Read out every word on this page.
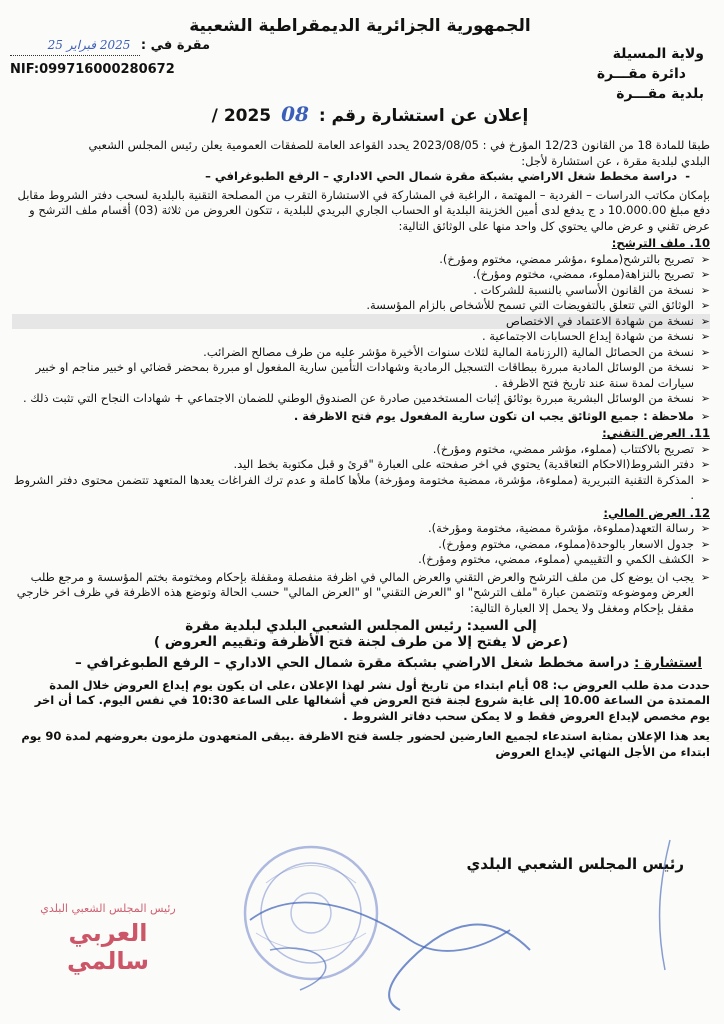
الجمهورية الجزائرية الديمقراطية الشعبية
مقرة في : 2025 فبراير 25
NIF:099716000280672
ولاية المسيلة
دائرة مقـــرة
بلدية مقـــرة
إعلان عن استشارة رقم : 08 2025 /

طبقا للمادة 18 من القانون 12/23 المؤرخ في : 2023/08/05 يحدد القواعد العامة للصفقات العمومية يعلن رئيس المجلس الشعبي

البلدي لبلدية مقرة ، عن استشارة لأجل:

-  دراسة مخطط شغل الاراضي بشبكة مقرة شمال الحي الاداري – الرفع الطبوغرافي –

بإمكان مكاتب الدراسات – الفردية – المهتمة ، الراغبة في المشاركة في الاستشارة التقرب من المصلحة التقنية بالبلدية لسحب دفتر الشروط مقابل دفع مبلغ 10.000.00 د ج يدفع لدى أمين الخزينة البلدية او الحساب الجاري البريدي للبلدية ، تتكون العروض من ثلاثة (03) أقسام ملف الترشح و عرض تقني و عرض مالي يحتوي كل واحد منها على الوثائق التالية:

10. ملف الترشح:

➢ تصريح بالترشح(مملوء ،مؤشر ممضي، مختوم ومؤرخ).

➢ تصريح بالنزاهة(مملوء، ممضي، مختوم ومؤرخ).

➢ نسخة من القانون الأساسي بالنسبة للشركات .

➢ الوثائق التي تتعلق بالتفويضات التي تسمح للأشخاص بالزام المؤسسة.

➢ نسخة من شهادة الاعتماد في الاختصاص

➢ نسخة من شهادة إيداع الحسابات الاجتماعية .

➢ نسخة من الحصائل المالية (الرزنامة المالية لثلاث سنوات الأخيرة مؤشر عليه من طرف مصالح الضرائب.

➢ نسخة من الوسائل المادية مبررة ببطاقات التسجيل الرمادية وشهادات التأمين سارية المفعول او مبررة بمحضر قضائي او خبير مناجم او خبير سيارات لمدة سنة عند تاريخ فتح الاظرفة .

➢ نسخة من الوسائل البشرية مبررة بوثائق إثبات المستخدمين صادرة عن الصندوق الوطني للضمان الاجتماعي + شهادات النجاح التي تثبت ذلك .

➢ ملاحظة : جميع الوثائق يجب ان تكون سارية المفعول يوم فتح الاظرفة .

11. العرض التقني:

➢ تصريح بالاكتتاب (مملوء، مؤشر ممضي، مختوم ومؤرخ).

➢ دفتر الشروط(الاحكام التعاقدية) يحتوي في اخر صفحته على العبارة "قرئ و قبل مكتوبة بخط اليد.

➢ المذكرة التقنية التبريرية (مملوءة، مؤشرة، ممضية مختومة ومؤرخة) ملأها كاملة و عدم ترك الفراغات يعدها المتعهد تتضمن محتوى دفتر الشروط .

12. العرض المالي:

➢ رسالة التعهد(مملوءة، مؤشرة ممضية، مختومة ومؤرخة).

➢ جدول الاسعار بالوحدة(مملوء، ممضي، مختوم ومؤرخ).

➢ الكشف الكمي و التقييمي (مملوء، ممضي، مختوم ومؤرخ).

➢ يجب ان يوضع كل من ملف الترشح والعرض التقني والعرض المالي في اظرفة منفصلة ومقفلة بإحكام ومختومة بختم المؤسسة و مرجع طلب العرض وموضوعه وتتضمن عبارة "ملف الترشح" او "العرض التقني" او "العرض المالي" حسب الحالة وتوضع هذه الاظرفة في ظرف اخر خارجي مقفل بإحكام ومغفل ولا يحمل إلا العبارة التالية:

إلى السيد: رئيس المجلس الشعبي البلدي لبلدية مقرة

(عرض لا يفتح إلا من طرف لجنة فتح الأظرفة وتقييم العروض )

استشارة : دراسة مخطط شغل الاراضي بشبكة مقرة شمال الحي الاداري – الرفع الطبوغرافي –

حددت مدة طلب العروض ب: 08 أيام ابتداء من تاريخ أول نشر لهذا الإعلان ،على ان يكون يوم إيداع العروض خلال المدة الممتدة من الساعة 10.00 إلى غاية شروع لجنة فتح العروض في أشغالها على الساعة 10:30 في نفس اليوم. كما أن اخر يوم مخصص لإيداع العروض فقط و لا يمكن سحب دفاتر الشروط .

يعد هذا الإعلان بمثابة استدعاء لجميع العارضين لحضور جلسة فتح الاظرفة .يبقى المتعهدون ملزمون بعروضهم لمدة 90 يوم ابتداء من الأجل النهائي لإيداع العروض

رئيس المجلس الشعبي البلدي
رئيس المجلس الشعبي البلدي
العربي سالمي
